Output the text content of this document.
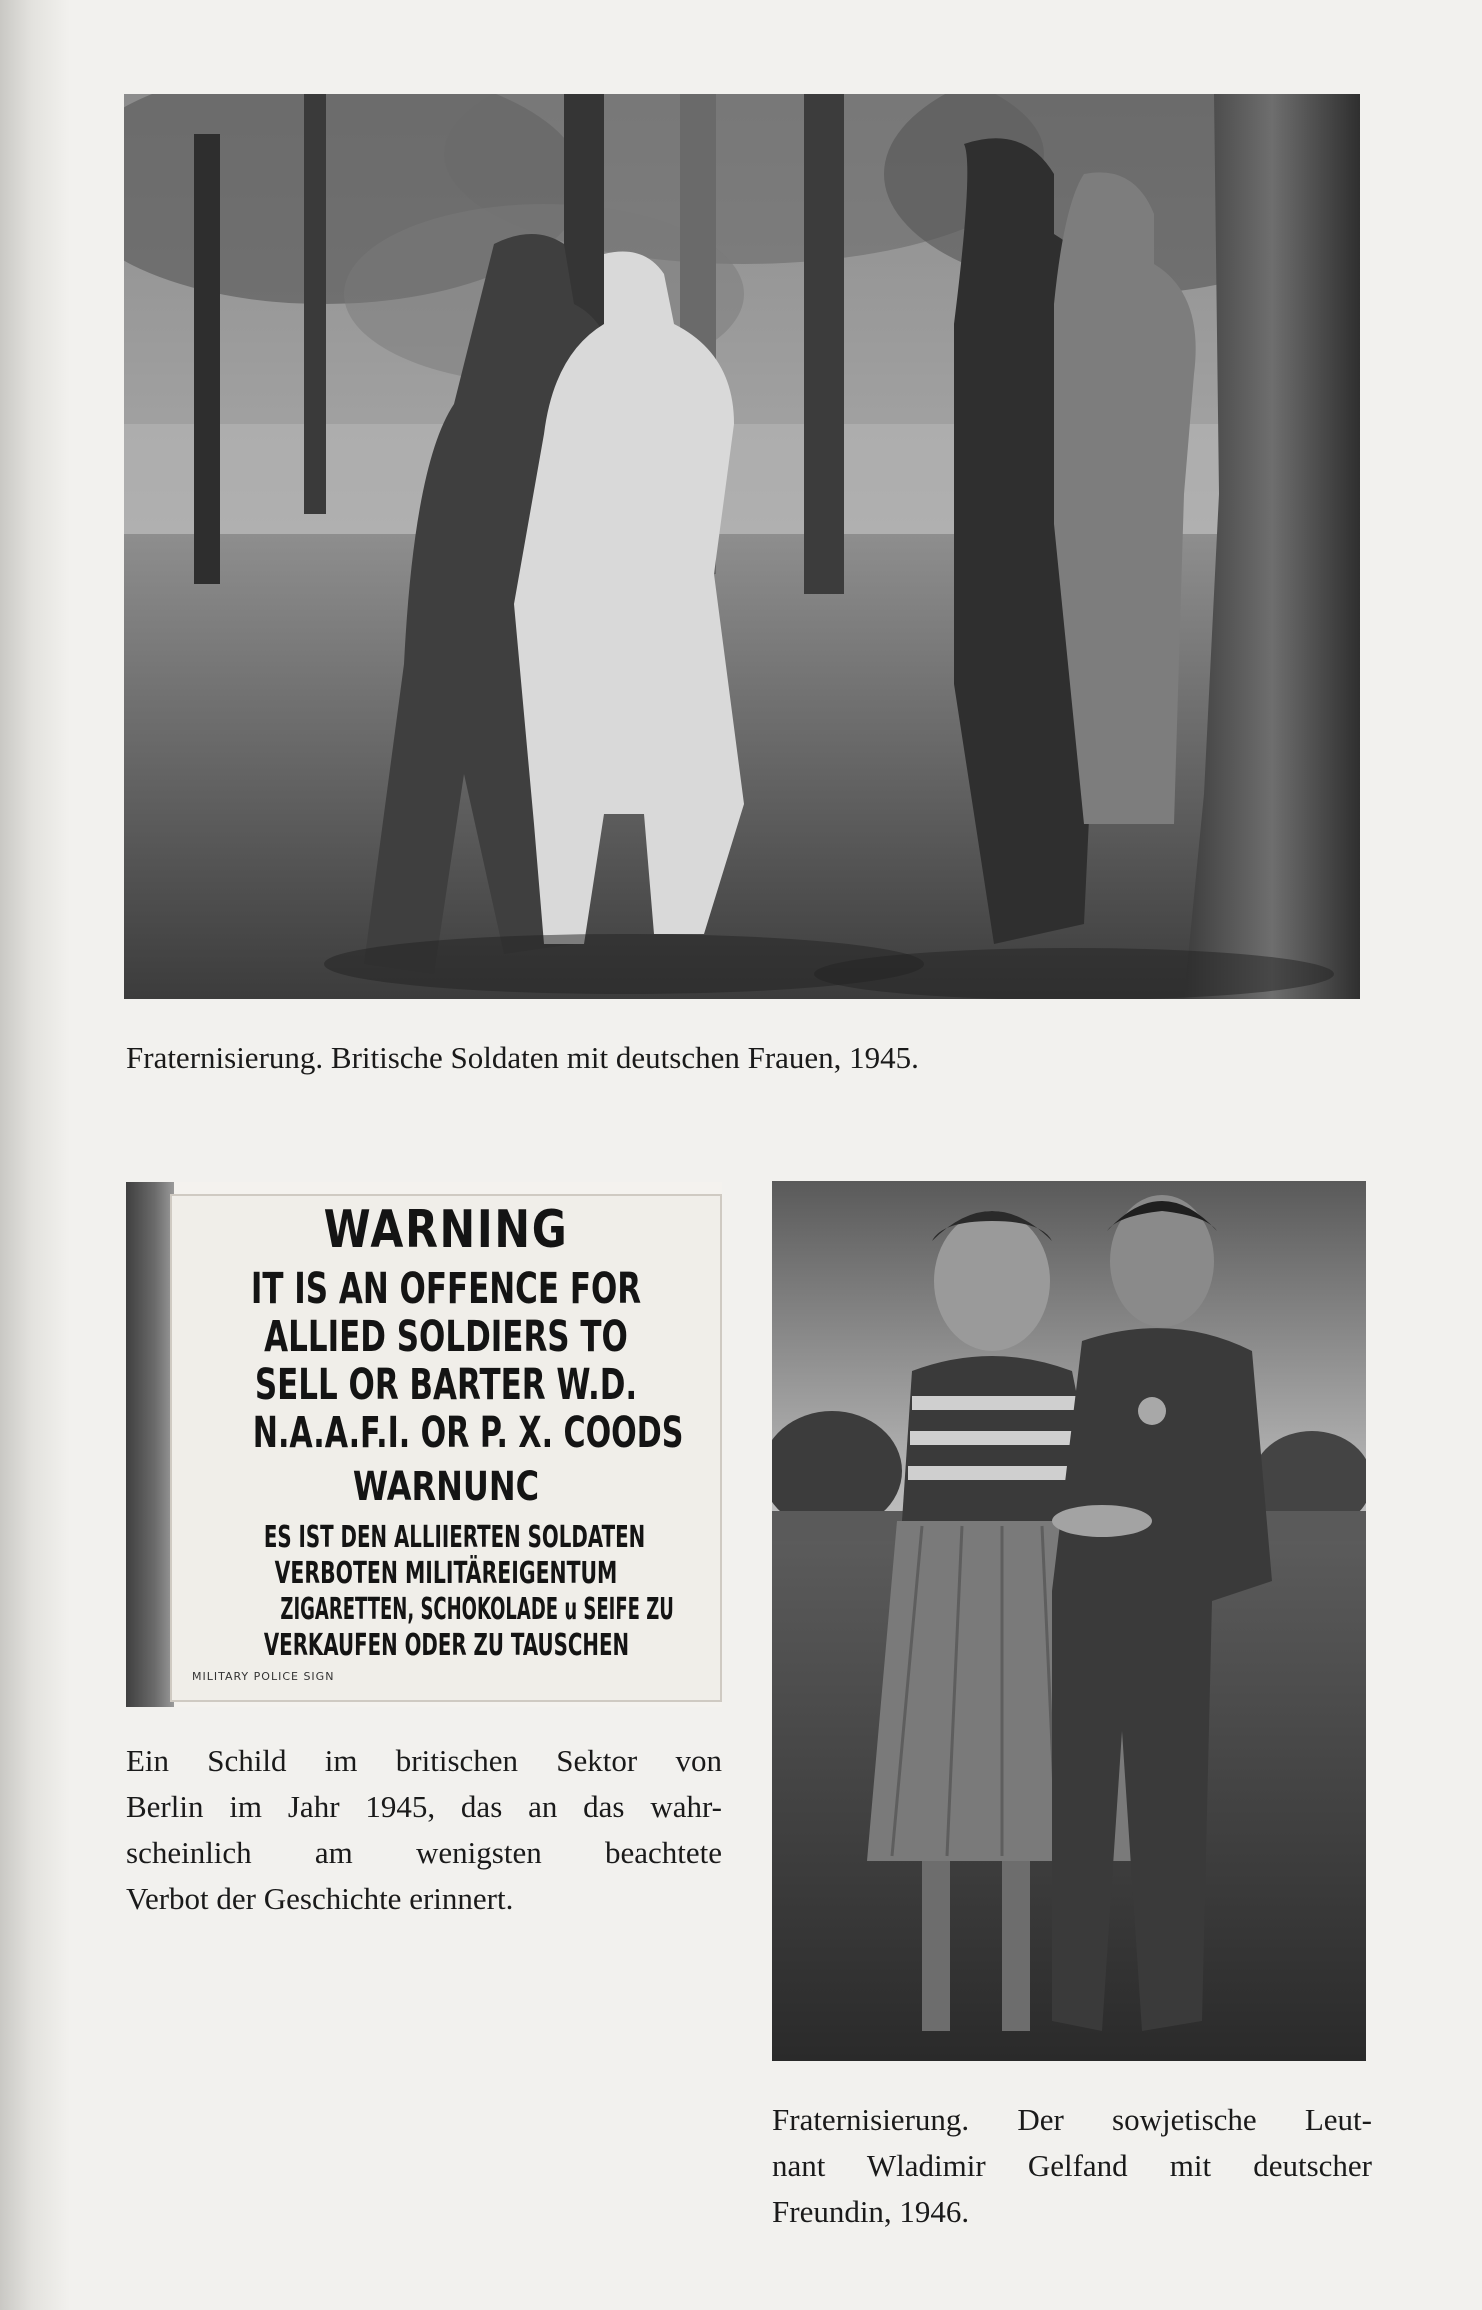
Fraternisierung. Britische Soldaten mit deutschen Frauen, 1945.
WARNING
IT IS AN OFFENCE FOR
ALLIED SOLDIERS TO
SELL OR BARTER W.D.
N.A.A.F.I. OR P. X. COODS
WARNUNC
ES IST DEN ALLIIERTEN SOLDATEN
VERBOTEN MILITÄREIGENTUM
ZIGARETTEN, SCHOKOLADE u SEIFE ZU
VERKAUFEN ODER ZU TAUSCHEN
MILITARY POLICE SIGN
Ein Schild im britischen Sektor von
Berlin im Jahr 1945, das an das wahr-
scheinlich am wenigsten beachtete
Verbot der Geschichte erinnert.
Fraternisierung. Der sowjetische Leut-
nant Wladimir Gelfand mit deutscher
Freundin, 1946.
